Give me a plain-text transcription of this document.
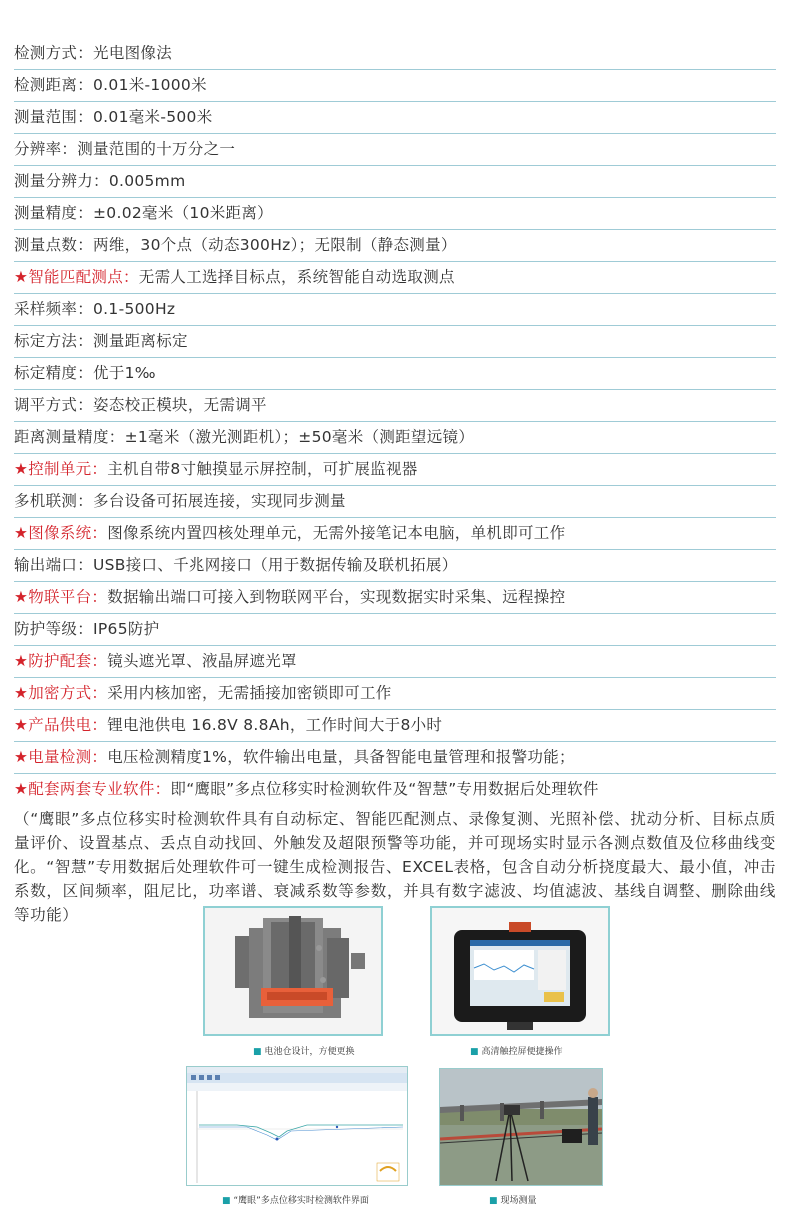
检测方式：光电图像法
检测距离：0.01米-1000米
测量范围：0.01毫米-500米
分辨率：测量范围的十万分之一
测量分辨力：0.005mm
测量精度：±0.02毫米（10米距离）
测量点数：两维，30个点（动态300Hz）；无限制（静态测量）
★智能匹配测点：无需人工选择目标点，系统智能自动选取测点
采样频率：0.1-500Hz
标定方法：测量距离标定
标定精度：优于1‰
调平方式：姿态校正模块，无需调平
距离测量精度：±1毫米（激光测距机）；±50毫米（测距望远镜）
★控制单元：主机自带8寸触摸显示屏控制，可扩展监视器
多机联测：多台设备可拓展连接，实现同步测量
★图像系统：图像系统内置四核处理单元，无需外接笔记本电脑，单机即可工作
输出端口：USB接口、千兆网接口（用于数据传输及联机拓展）
★物联平台：数据输出端口可接入到物联网平台，实现数据实时采集、远程操控
防护等级：IP65防护
★防护配套：镜头遮光罩、液晶屏遮光罩
★加密方式：采用内核加密，无需插接加密锁即可工作
★产品供电：锂电池供电 16.8V 8.8Ah，工作时间大于8小时
★电量检测：电压检测精度1%，软件输出电量，具备智能电量管理和报警功能；
★配套两套专业软件：即“鹰眼”多点位移实时检测软件及“智慧”专用数据后处理软件
（“鹰眼”多点位移实时检测软件具有自动标定、智能匹配测点、录像复测、光照补偿、扰动分析、目标点质量评价、设置基点、丢点自动找回、外触发及超限预警等功能，并可现场实时显示各测点数值及位移曲线变化。“智慧”专用数据后处理软件可一键生成检测报告、EXCEL表格，包含自动分析挠度最大、最小值，冲击系数，区间频率，阻尼比，功率谱、衰减系数等参数，并具有数字滤波、均值滤波、基线自调整、删除曲线等功能）
■ 电池仓设计，方便更换	■ 高清触控屏便捷操作
■ “鹰眼”多点位移实时检测软件界面	■ 现场测量
